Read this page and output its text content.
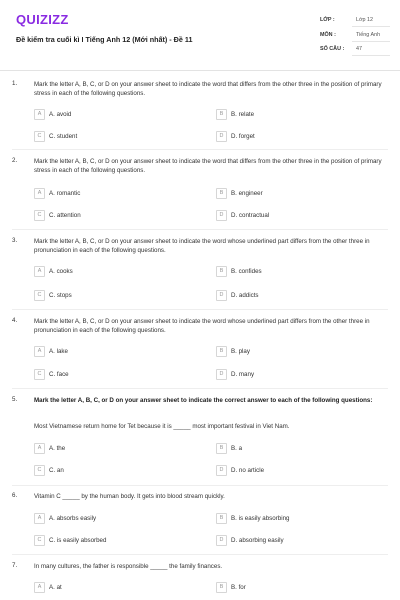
QUIZIZZ
Đề kiểm tra cuối kì I Tiếng Anh 12 (Mới nhất) - Đề 11
LỚP :	Lớp 12
MÔN :	Tiếng Anh
SỐ CÂU : 47
1.	Mark the letter A, B, C, or D on your answer sheet to indicate the word that differs from the other three in the position of primary stress in each of the following questions.
A	A. avoid	B	B. relate
C	C. student	D	D. forget
2.	Mark the letter A, B, C, or D on your answer sheet to indicate the word that differs from the other three in the position of primary stress in each of the following questions.
A	A. romantic	B	B. engineer
C	C. attention	D	D. contractual
3.	Mark the letter A, B, C, or D on your answer sheet to indicate the word whose underlined part differs from the other three in pronunciation in each of the following questions.
A	A. cooks	B	B. confides
C	C. stops	D	D. addicts
4.	Mark the letter A, B, C, or D on your answer sheet to indicate the word whose underlined part differs from the other three in pronunciation in each of the following questions.
A	A. lake	B	B. play
C	C. face	D	D. many
5.	Mark the letter A, B, C, or D on your answer sheet to indicate the correct answer to each of the following questions:
Most Vietnamese return home for Tet because it is _____ most important festival in Viet Nam.
A	A. the	B	B. a
C	C. an	D	D. no article
6.	Vitamin C _____ by the human body. It gets into blood stream quickly.
A	A. absorbs easily	B	B. is easily absorbing
C	C. is easily absorbed	D	D. absorbing easily
7.	In many cultures, the father is responsible _____ the family finances.
A	A. at	B	B. for
